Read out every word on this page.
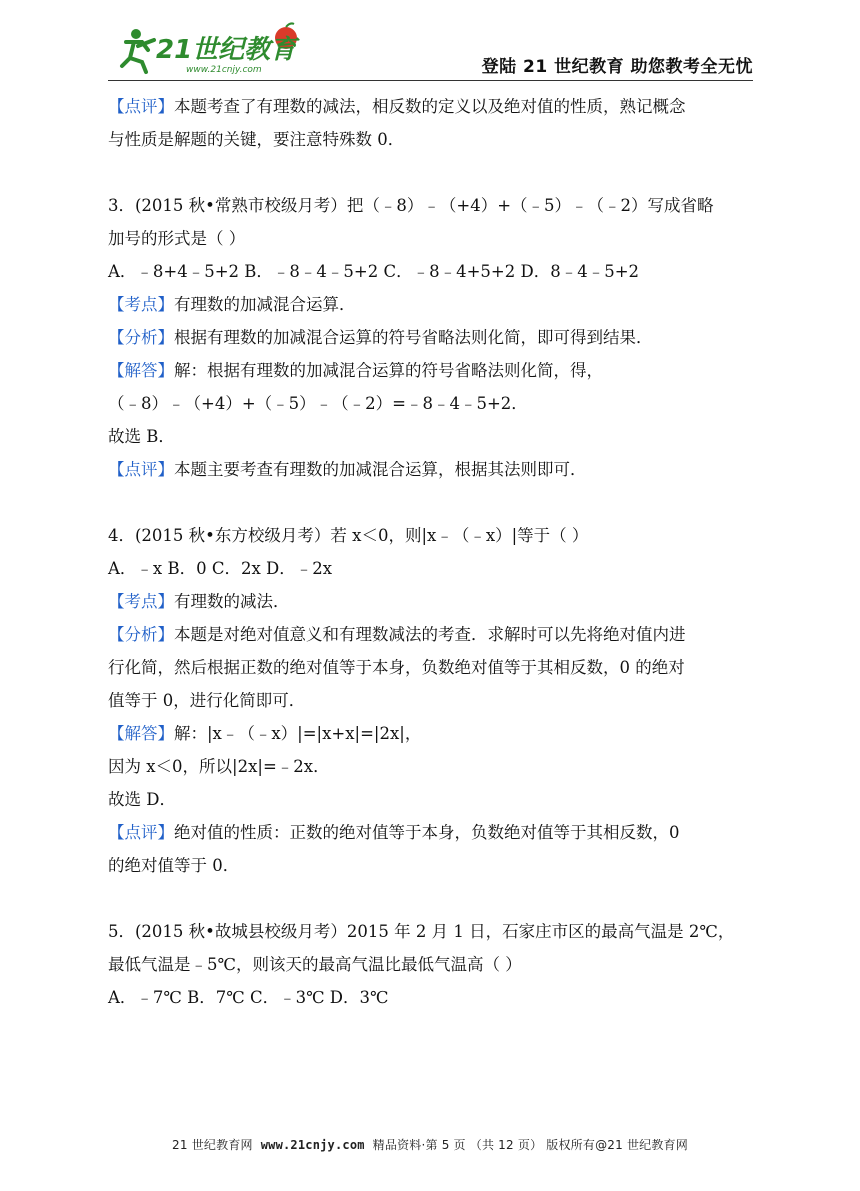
21世纪教育
www.21cnjy.com	登陆 21 世纪教育 助您教考全无忧

【点评】本题考查了有理数的减法，相反数的定义以及绝对值的性质，熟记概念

与性质是解题的关键，要注意特殊数 0．

3．(2015 秋•常熟市校级月考）把（﹣8）﹣（+4）+（﹣5）﹣（﹣2）写成省略

加号的形式是（ ）

A．﹣8+4﹣5+2 B．﹣8﹣4﹣5+2 C．﹣8﹣4+5+2 D．8﹣4﹣5+2

【考点】有理数的加减混合运算．

【分析】根据有理数的加减混合运算的符号省略法则化简，即可得到结果．

【解答】解：根据有理数的加减混合运算的符号省略法则化简，得，

（﹣8）﹣（+4）+（﹣5）﹣（﹣2）=﹣8﹣4﹣5+2．

故选 B．

【点评】本题主要考查有理数的加减混合运算，根据其法则即可．

4．(2015 秋•东方校级月考）若 x＜0，则|x﹣（﹣x）|等于（ ）

A．﹣x B．0 C．2x D．﹣2x

【考点】有理数的减法．

【分析】本题是对绝对值意义和有理数减法的考查．求解时可以先将绝对值内进

行化简，然后根据正数的绝对值等于本身，负数绝对值等于其相反数，0 的绝对

值等于 0，进行化简即可．

【解答】解：|x﹣（﹣x）|=|x+x|=|2x|，

因为 x＜0，所以|2x|=﹣2x．

故选 D．

【点评】绝对值的性质：正数的绝对值等于本身，负数绝对值等于其相反数，0

的绝对值等于 0．

5．(2015 秋•故城县校级月考）2015 年 2 月 1 日，石家庄市区的最高气温是 2℃，

最低气温是﹣5℃，则该天的最高气温比最低气温高（ ）

A．﹣7℃ B．7℃ C．﹣3℃ D．3℃

21 世纪教育网 www.21cnjy.com 精品资料·第 5 页 （共 12 页） 版权所有@21 世纪教育网
